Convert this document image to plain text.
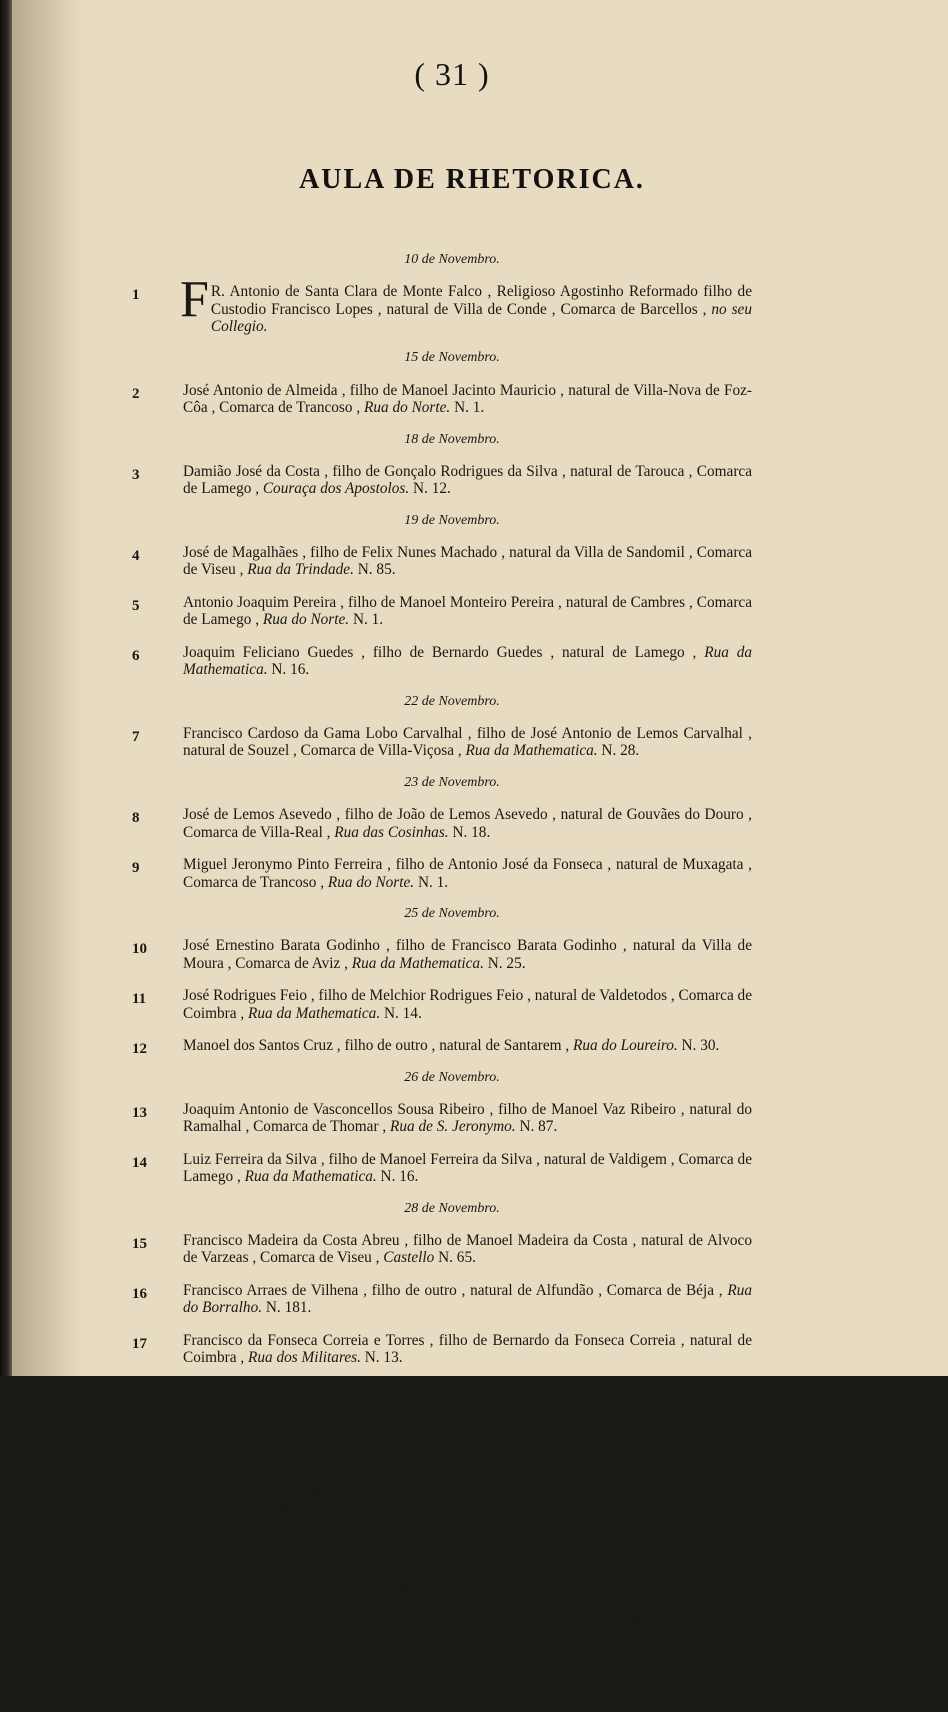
( 31 )
AULA DE RHETORICA.

10 de Novembro.

1 F R. Antonio de Santa Clara de Monte Falco , Religioso Agostinho Reformado filho de Custodio Francisco Lopes , natural de Villa de Conde , Comarca de Barcellos , no seu Collegio.

15 de Novembro.

2	José Antonio de Almeida , filho de Manoel Jacinto Mauricio , natural de Villa-Nova de Foz-Côa , Comarca de Trancoso , Rua do Norte. N. 1.

18 de Novembro.

3	Damião José da Costa , filho de Gonçalo Rodrigues da Silva , natural de Tarouca , Comarca de Lamego , Couraça dos Apostolos. N. 12.

19 de Novembro.

4	José de Magalhães , filho de Felix Nunes Machado , natural da Villa de Sandomil , Comarca de Viseu , Rua da Trindade. N. 85.

5	Antonio Joaquim Pereira , filho de Manoel Monteiro Pereira , natural de Cambres , Comarca de Lamego , Rua do Norte. N. 1.

6	Joaquim Feliciano Guedes , filho de Bernardo Guedes , natural de Lamego , Rua da Mathematica. N. 16.

22 de Novembro.

7	Francisco Cardoso da Gama Lobo Carvalhal , filho de José Antonio de Lemos Carvalhal , natural de Souzel , Comarca de Villa-Viçosa , Rua da Mathematica. N. 28.

23 de Novembro.

8	José de Lemos Asevedo , filho de João de Lemos Asevedo , natural de Gouvães do Douro , Comarca de Villa-Real , Rua das Cosinhas. N. 18.

9	Miguel Jeronymo Pinto Ferreira , filho de Antonio José da Fonseca , natural de Muxagata , Comarca de Trancoso , Rua do Norte. N. 1.

25 de Novembro.

10	José Ernestino Barata Godinho , filho de Francisco Barata Godinho , natural da Villa de Moura , Comarca de Aviz , Rua da Mathematica. N. 25.

11	José Rodrigues Feio , filho de Melchior Rodrigues Feio , natural de Valdetodos , Comarca de Coimbra , Rua da Mathematica. N. 14.

12	Manoel dos Santos Cruz , filho de outro , natural de Santarem , Rua do Loureiro. N. 30.

26 de Novembro.

13	Joaquim Antonio de Vasconcellos Sousa Ribeiro , filho de Manoel Vaz Ribeiro , natural do Ramalhal , Comarca de Thomar , Rua de S. Jeronymo. N. 87.

14	Luiz Ferreira da Silva , filho de Manoel Ferreira da Silva , natural de Valdigem , Comarca de Lamego , Rua da Mathematica. N. 16.

28 de Novembro.

15	Francisco Madeira da Costa Abreu , filho de Manoel Madeira da Costa , natural de Alvoco de Varzeas , Comarca de Viseu , Castello N. 65.

16	Francisco Arraes de Vilhena , filho de outro , natural de Alfundão , Comarca de Béja , Rua do Borralho. N. 181.

17	Francisco da Fonseca Correia e Torres , filho de Bernardo da Fonseca Correia , natural de Coimbra , Rua dos Militares. N. 13.

18	Alexandre José de Carvalho , filho de José Manoel da Costa , natural de Villa-Nova da Rainha , Comarca de Viseu , Bairro de Santa Anna.

19	Antonio Rodrigues Pereira , filho de José Felix Pereira de Noronha , natural de Sarzedella , Comarca de Coimbra , Couraça dos Apostolos. N. 2.

20	Francisco de Paula da Costa Freire , filho de Bernardo José Ferreira , natural de Midões , Comarca de Arganil , Rua dos Militares. N. 44.

29 de Novembro.

21	Antonio Pedro Baptista Machado , filho de Pedro Antonio Baptista Machado , natural de Silves , Comarca de Faro , Rua da Mathematica. N. 25.

22	Antonio Pessoa , filho de Vicente José Pessoa , natural do Chão do Bispo , Comarca e suburbio de Coimbra.

23	Antonio Ribeiro de Lis Teixeira , filho de José Ribeiro de Lis , natural da Cidade de Viseu , Rua das Sollas. N. 36.
